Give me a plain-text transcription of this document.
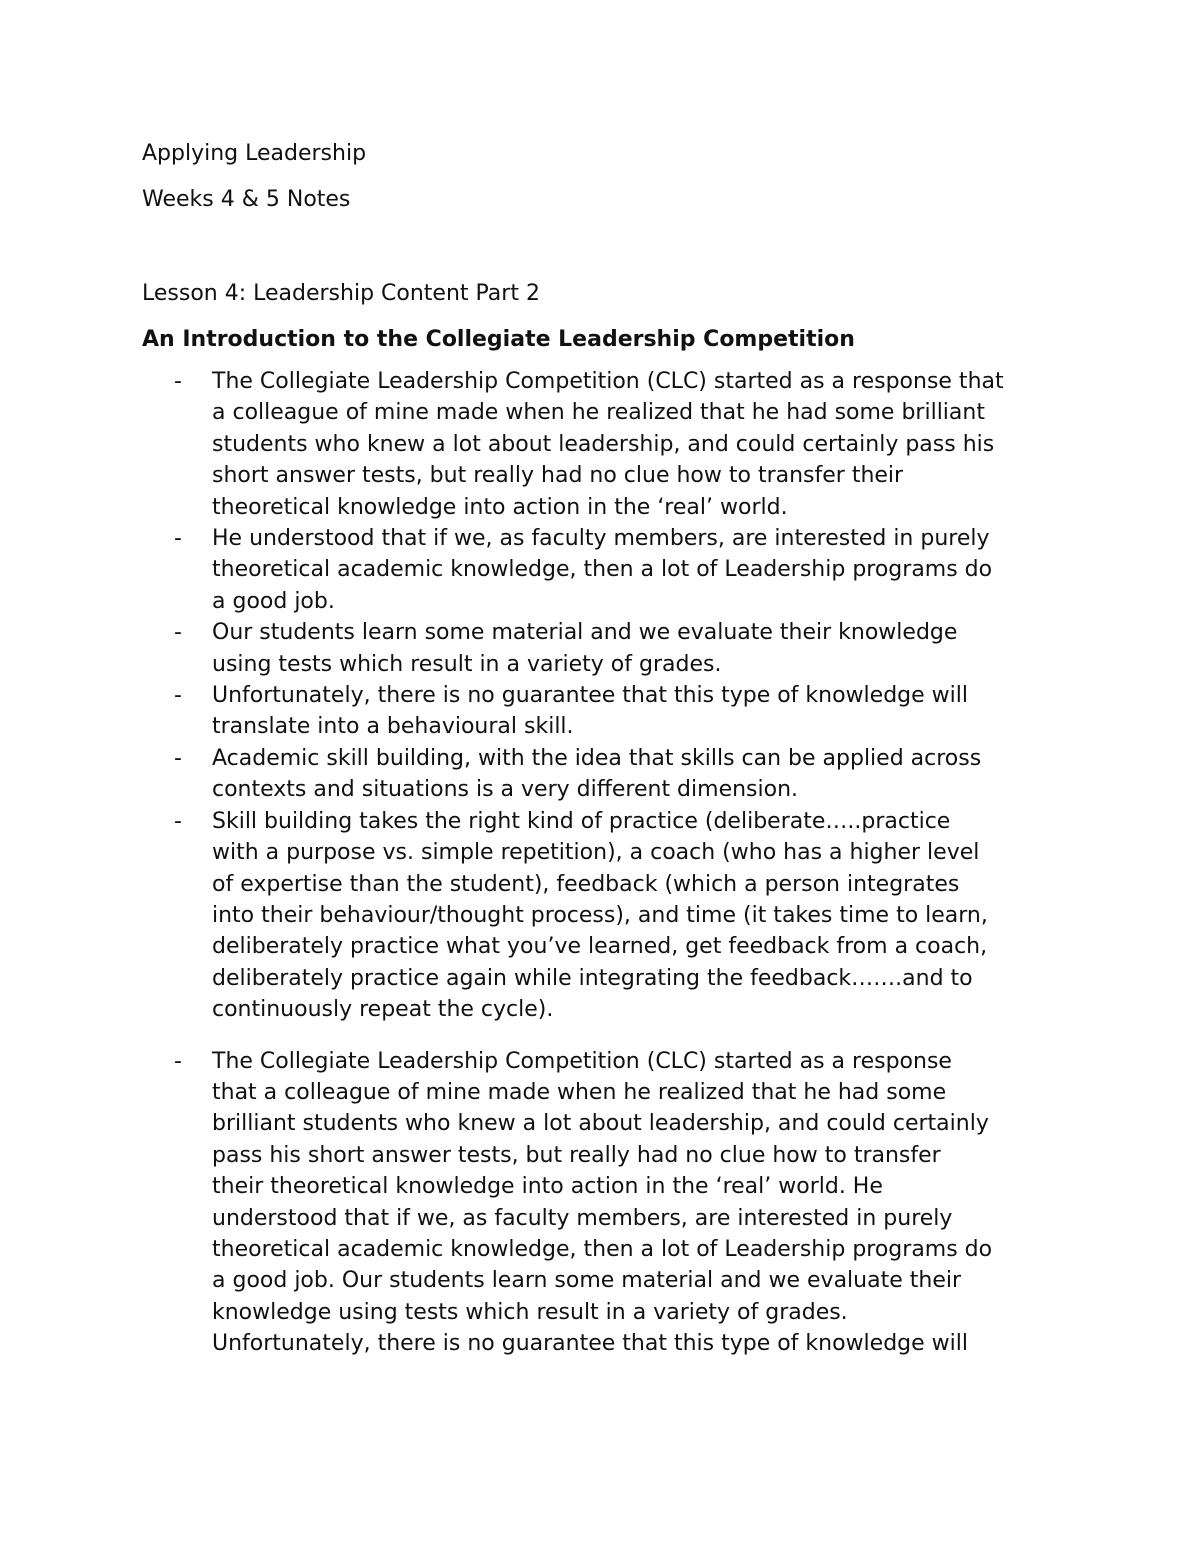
Applying Leadership

Weeks 4 & 5 Notes

Lesson 4: Leadership Content Part 2

An Introduction to the Collegiate Leadership Competition

- The Collegiate Leadership Competition (CLC) started as a response that
a colleague of mine made when he realized that he had some brilliant
students who knew a lot about leadership, and could certainly pass his
short answer tests, but really had no clue how to transfer their
theoretical knowledge into action in the ‘real’ world.
- He understood that if we, as faculty members, are interested in purely
theoretical academic knowledge, then a lot of Leadership programs do
a good job.
- Our students learn some material and we evaluate their knowledge
using tests which result in a variety of grades.
- Unfortunately, there is no guarantee that this type of knowledge will
translate into a behavioural skill.
- Academic skill building, with the idea that skills can be applied across
contexts and situations is a very different dimension.
- Skill building takes the right kind of practice (deliberate…..practice
with a purpose vs. simple repetition), a coach (who has a higher level
of expertise than the student), feedback (which a person integrates
into their behaviour/thought process), and time (it takes time to learn,
deliberately practice what you’ve learned, get feedback from a coach,
deliberately practice again while integrating the feedback…….and to
continuously repeat the cycle).
- The Collegiate Leadership Competition (CLC) started as a response
that a colleague of mine made when he realized that he had some
brilliant students who knew a lot about leadership, and could certainly
pass his short answer tests, but really had no clue how to transfer
their theoretical knowledge into action in the ‘real’ world. He
understood that if we, as faculty members, are interested in purely
theoretical academic knowledge, then a lot of Leadership programs do
a good job. Our students learn some material and we evaluate their
knowledge using tests which result in a variety of grades.
Unfortunately, there is no guarantee that this type of knowledge will
